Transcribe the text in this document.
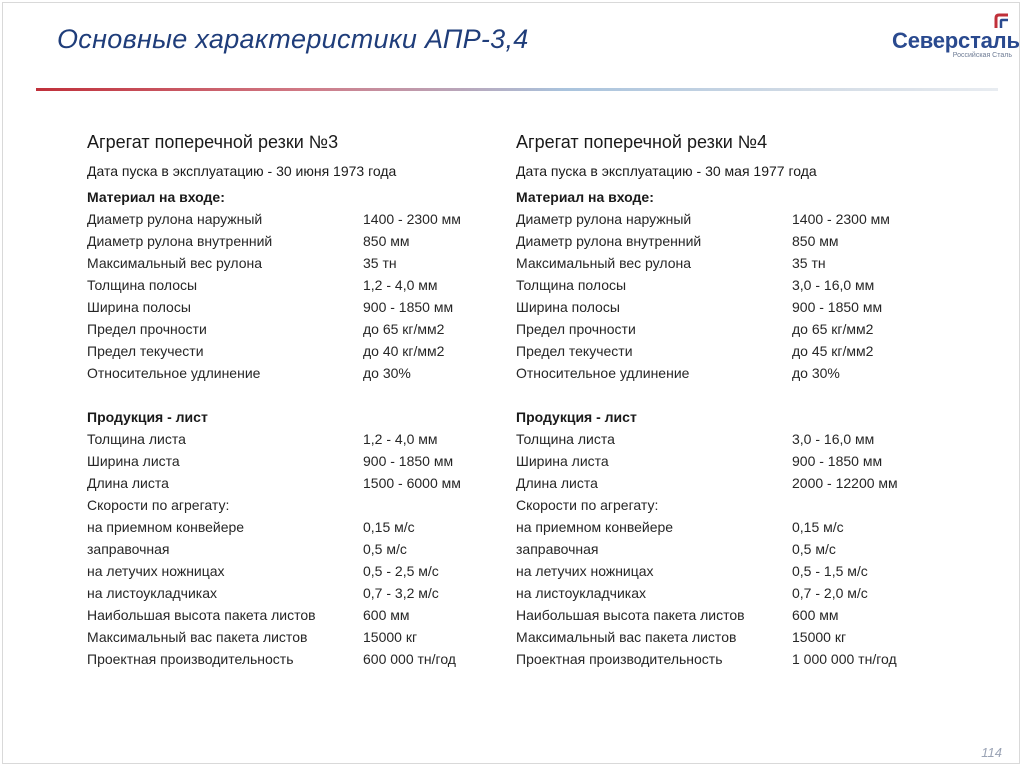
Основные характеристики АПР-3,4	Северсталь
Российская Сталь
Агрегат поперечной резки №3
Дата пуска в эксплуатацию - 30 июня 1973 года
Материал на входе:
Диаметр рулона наружный	1400 - 2300 мм
Диаметр рулона внутренний	850 мм
Максимальный вес рулона	35 тн
Толщина полосы	1,2 - 4,0 мм
Ширина полосы	900 - 1850 мм
Предел прочности	до 65 кг/мм2
Предел текучести	до 40 кг/мм2
Относительное удлинение	до 30%
Продукция - лист
Толщина листа	1,2 - 4,0 мм
Ширина листа	900 - 1850 мм
Длина листа	1500 - 6000 мм
Скорости по агрегату:
на приемном конвейере	0,15 м/с
заправочная	0,5 м/с
на летучих ножницах	0,5 - 2,5 м/с
на листоукладчиках	0,7 - 3,2 м/с
Наибольшая высота пакета листов	600 мм
Максимальный вас пакета листов	15000 кг
Проектная производительность	600 000 тн/год
Агрегат поперечной резки №4
Дата пуска в эксплуатацию - 30 мая 1977 года
Материал на входе:
Диаметр рулона наружный	1400 - 2300 мм
Диаметр рулона внутренний	850 мм
Максимальный вес рулона	35 тн
Толщина полосы	3,0 - 16,0 мм
Ширина полосы	900 - 1850 мм
Предел прочности	до 65 кг/мм2
Предел текучести	до 45 кг/мм2
Относительное удлинение	до 30%
Продукция - лист
Толщина листа	3,0 - 16,0 мм
Ширина листа	900 - 1850 мм
Длина листа	2000 - 12200 мм
Скорости по агрегату:
на приемном конвейере	0,15 м/с
заправочная	0,5 м/с
на летучих ножницах	0,5 - 1,5 м/с
на листоукладчиках	0,7 - 2,0 м/с
Наибольшая высота пакета листов	600 мм
Максимальный вас пакета листов	15000 кг
Проектная производительность	1 000 000 тн/год
114
